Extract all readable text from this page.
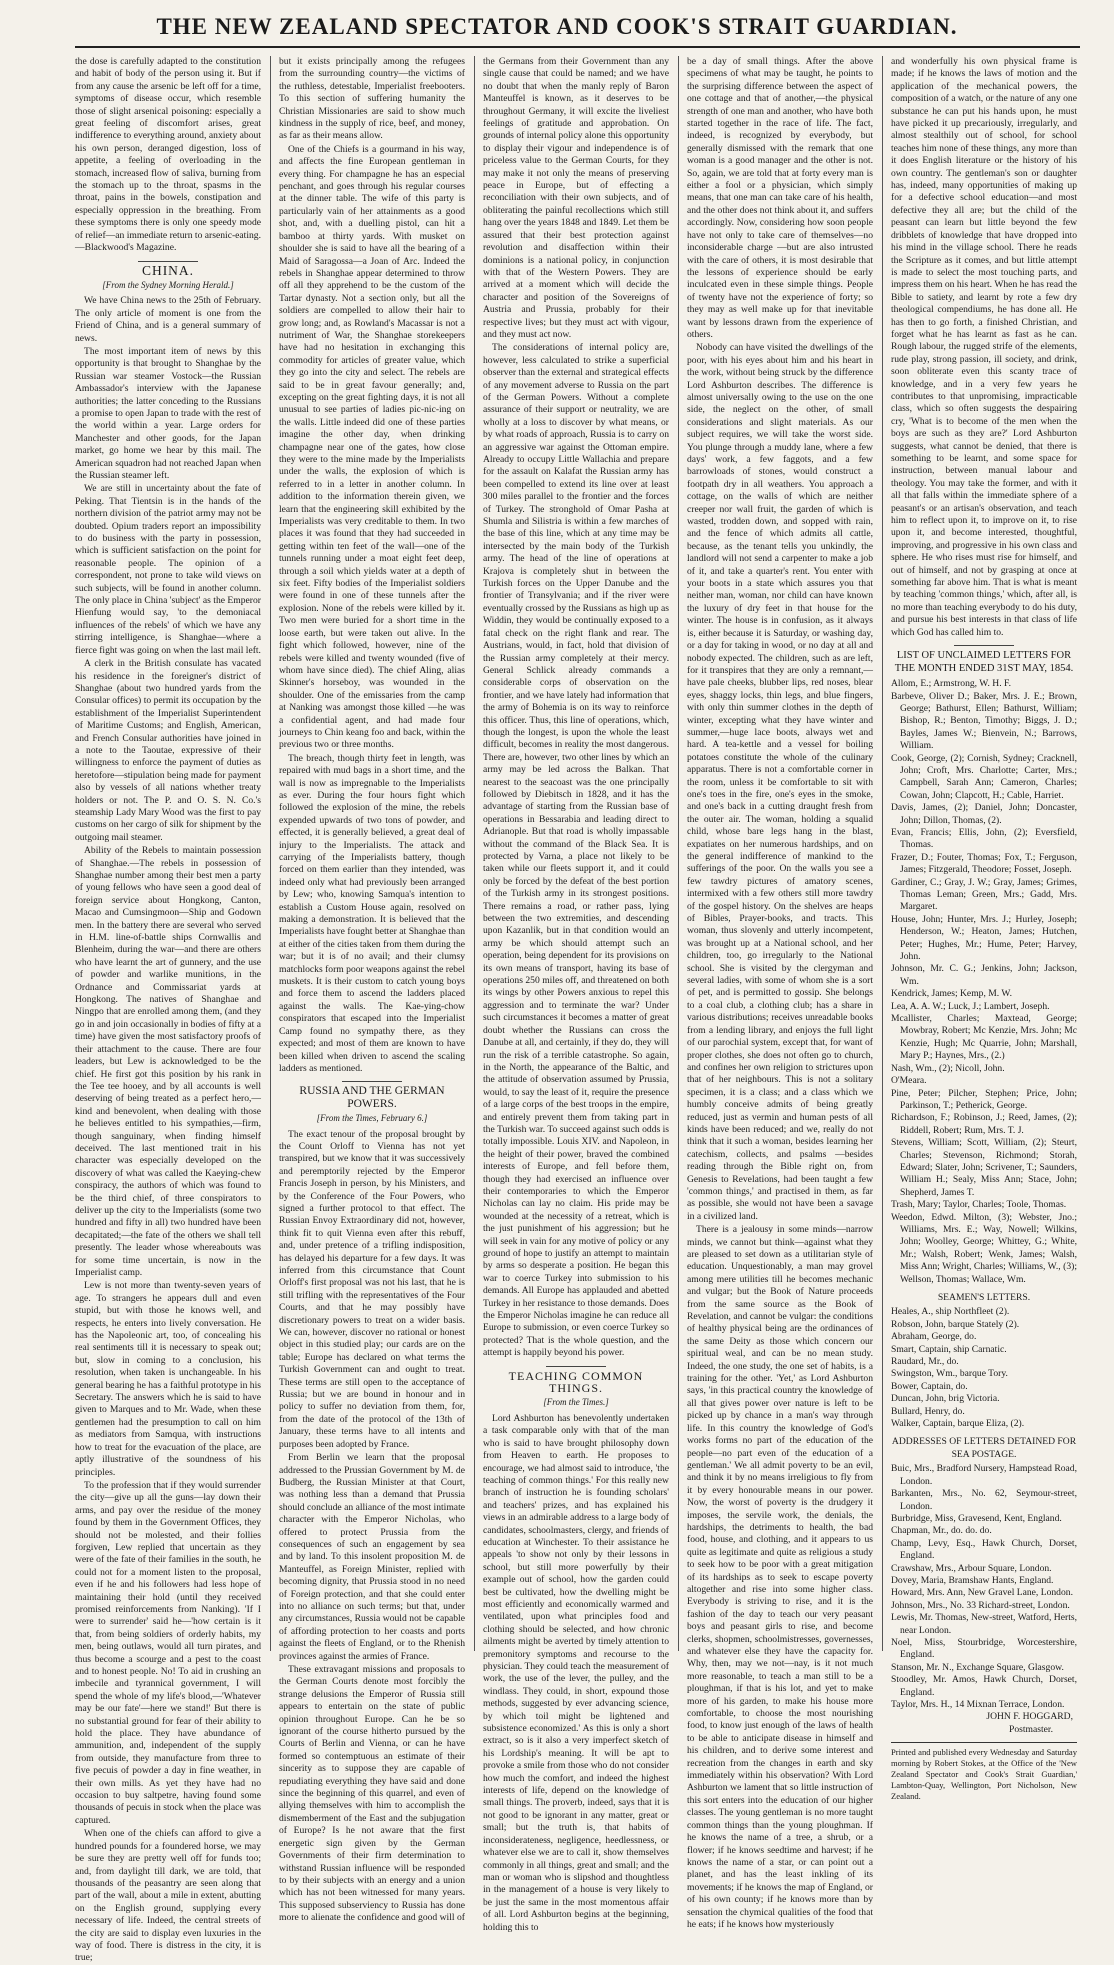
THE NEW ZEALAND SPECTATOR AND COOK'S STRAIT GUARDIAN.

the dose is carefully adapted to the constitution and habit of body of the person using it. But if from any cause the arsenic be left off for a time, symptoms of disease occur, which resemble those of slight arsenical poisoning: especially a great feeling of discomfort arises, great indifference to everything around, anxiety about his own person, deranged digestion, loss of appetite, a feeling of overloading in the stomach, increased flow of saliva, burning from the stomach up to the throat, spasms in the throat, pains in the bowels, constipation and especially oppression in the breathing. From these symptoms there is only one speedy mode of relief—an immediate return to arsenic-eating.—Blackwood's Magazine.

CHINA.
[From the Sydney Morning Herald.]

We have China news to the 25th of February. The only article of moment is one from the Friend of China, and is a general summary of news.

The most important item of news by this opportunity is that brought to Shanghae by the Russian war steamer Vostock—the Russian Ambassador's interview with the Japanese authorities; the latter conceding to the Russians a promise to open Japan to trade with the rest of the world within a year. Large orders for Manchester and other goods, for the Japan market, go home we hear by this mail. The American squadron had not reached Japan when the Russian steamer left.

We are still in uncertainty about the fate of Peking. That Tientsin is in the hands of the northern division of the patriot army may not be doubted. Opium traders report an impossibility to do business with the party in possession, which is sufficient satisfaction on the point for reasonable people. The opinion of a correspondent, not prone to take wild views on such subjects, will be found in another column. The only place in China 'subject' as the Emperor Hienfung would say, 'to the demoniacal influences of the rebels' of which we have any stirring intelligence, is Shanghae—where a fierce fight was going on when the last mail left.

A clerk in the British consulate has vacated his residence in the foreigner's district of Shanghae (about two hundred yards from the Consular offices) to permit its occupation by the establishment of the Imperialist Superintendent of Maritime Customs; and English, American, and French Consular authorities have joined in a note to the Taoutae, expressive of their willingness to enforce the payment of duties as heretofore—stipulation being made for payment also by vessels of all nations whether treaty holders or not. The P. and O. S. N. Co.'s steamship Lady Mary Wood was the first to pay customs on her cargo of silk for shipment by the outgoing mail steamer.

Ability of the Rebels to maintain possession of Shanghae.—The rebels in possession of Shanghae number among their best men a party of young fellows who have seen a good deal of foreign service about Hongkong, Canton, Macao and Cumsingmoon—Ship and Godown men. In the battery there are several who served in H.M. line-of-battle ships Cornwallis and Blenheim, during the war—and there are others who have learnt the art of gunnery, and the use of powder and warlike munitions, in the Ordnance and Commissariat yards at Hongkong. The natives of Shanghae and Ningpo that are enrolled among them, (and they go in and join occasionally in bodies of fifty at a time) have given the most satisfactory proofs of their attachment to the cause. There are four leaders, but Lew is acknowledged to be the chief. He first got this position by his rank in the Tee tee hooey, and by all accounts is well deserving of being treated as a perfect hero,—kind and benevolent, when dealing with those he believes entitled to his sympathies,—firm, though sanguinary, when finding himself deceived. The last mentioned trait in his character was especially developed on the discovery of what was called the Kaeying-chew conspiracy, the authors of which was found to be the third chief, of three conspirators to deliver up the city to the Imperialists (some two hundred and fifty in all) two hundred have been decapitated;—the fate of the others we shall tell presently. The leader whose whereabouts was for some time uncertain, is now in the Imperialist camp.

Lew is not more than twenty-seven years of age. To strangers he appears dull and even stupid, but with those he knows well, and respects, he enters into lively conversation. He has the Napoleonic art, too, of concealing his real sentiments till it is necessary to speak out; but, slow in coming to a conclusion, his resolution, when taken is unchangeable. In his general bearing he has a faithful prototype in his Secretary. The answers which he is said to have given to Marques and to Mr. Wade, when these gentlemen had the presumption to call on him as mediators from Samqua, with instructions how to treat for the evacuation of the place, are aptly illustrative of the soundness of his principles.

To the profession that if they would surrender the city—give up all the guns—lay down their arms, and pay over the residue of the money found by them in the Government Offices, they should not be molested, and their follies forgiven, Lew replied that uncertain as they were of the fate of their families in the south, he could not for a moment listen to the proposal, even if he and his followers had less hope of maintaining their hold (until they received promised reinforcements from Nanking). 'If I were to surrender' said he—'how certain is it that, from being soldiers of orderly habits, my men, being outlaws, would all turn pirates, and thus become a scourge and a pest to the coast and to honest people. No! To aid in crushing an imbecile and tyrannical government, I will spend the whole of my life's blood,—'Whatever may be our fate'—here we stand!' But there is no substantial ground for fear of their ability to hold the place. They have abundance of ammunition, and, independent of the supply from outside, they manufacture from three to five pecuis of powder a day in fine weather, in their own mills. As yet they have had no occasion to buy saltpetre, having found some thousands of pecuis in stock when the place was captured.

When one of the chiefs can afford to give a hundred pounds for a foundered horse, we may be sure they are pretty well off for funds too; and, from daylight till dark, we are told, that thousands of the peasantry are seen along that part of the wall, about a mile in extent, abutting on the English ground, supplying every necessary of life. Indeed, the central streets of the city are said to display even luxuries in the way of food. There is distress in the city, it is true;

but it exists principally among the refugees from the surrounding country—the victims of the ruthless, detestable, Imperialist freebooters. To this section of suffering humanity the Christian Missionaries are said to show much kindness in the supply of rice, beef, and money, as far as their means allow.

One of the Chiefs is a gourmand in his way, and affects the fine European gentleman in every thing. For champagne he has an especial penchant, and goes through his regular courses at the dinner table. The wife of this party is particularly vain of her attainments as a good shot, and, with a duelling pistol, can hit a bamboo at thirty yards. With musket on shoulder she is said to have all the bearing of a Maid of Saragossa—a Joan of Arc. Indeed the rebels in Shanghae appear determined to throw off all they apprehend to be the custom of the Tartar dynasty. Not a section only, but all the soldiers are compelled to allow their hair to grow long; and, as Rowland's Macassar is not a nutriment of War, the Shanghae storekeepers have had no hesitation in exchanging this commodity for articles of greater value, which they go into the city and select. The rebels are said to be in great favour generally; and, excepting on the great fighting days, it is not all unusual to see parties of ladies pic-nic-ing on the walls. Little indeed did one of these parties imagine the other day, when drinking champagne near one of the gates, how close they were to the mine made by the Imperialists under the walls, the explosion of which is referred to in a letter in another column. In addition to the information therein given, we learn that the engineering skill exhibited by the Imperialists was very creditable to them. In two places it was found that they had succeeded in getting within ten feet of the wall—one of the tunnels running under a moat eight feet deep, through a soil which yields water at a depth of six feet. Fifty bodies of the Imperialist soldiers were found in one of these tunnels after the explosion. None of the rebels were killed by it. Two men were buried for a short time in the loose earth, but were taken out alive. In the fight which followed, however, nine of the rebels were killed and twenty wounded (five of whom have since died). The chief Aling, alias Skinner's horseboy, was wounded in the shoulder. One of the emissaries from the camp at Nanking was amongst those killed —he was a confidential agent, and had made four journeys to Chin keang foo and back, within the previous two or three months.

The breach, though thirty feet in length, was repaired with mud bags in a short time, and the wall is now as impregnable to the Imperialists as ever. During the four hours fight which followed the explosion of the mine, the rebels expended upwards of two tons of powder, and effected, it is generally believed, a great deal of injury to the Imperialists. The attack and carrying of the Imperialists battery, though forced on them earlier than they intended, was indeed only what had previously been arranged by Lew; who, knowing Samqua's intention to establish a Custom House again, resolved on making a demonstration. It is believed that the Imperialists have fought better at Shanghae than at either of the cities taken from them during the war; but it is of no avail; and their clumsy matchlocks form poor weapons against the rebel muskets. It is their custom to catch young boys and force them to ascend the ladders placed against the walls. The Kae-ying-chow conspirators that escaped into the Imperialist Camp found no sympathy there, as they expected; and most of them are known to have been killed when driven to ascend the scaling ladders as mentioned.

RUSSIA AND THE GERMAN POWERS.
[From the Times, February 6.]

The exact tenour of the proposal brought by the Count Orloff to Vienna has not yet transpired, but we know that it was successively and peremptorily rejected by the Emperor Francis Joseph in person, by his Ministers, and by the Conference of the Four Powers, who signed a further protocol to that effect. The Russian Envoy Extraordinary did not, however, think fit to quit Vienna even after this rebuff, and, under pretence of a trifling indisposition, has delayed his departure for a few days. It was inferred from this circumstance that Count Orloff's first proposal was not his last, that he is still trifling with the representatives of the Four Courts, and that he may possibly have discretionary powers to treat on a wider basis. We can, however, discover no rational or honest object in this studied play; our cards are on the table; Europe has declared on what terms the Turkish Government can and ought to treat. These terms are still open to the acceptance of Russia; but we are bound in honour and in policy to suffer no deviation from them, for, from the date of the protocol of the 13th of January, these terms have to all intents and purposes been adopted by France.

From Berlin we learn that the proposal addressed to the Prussian Government by M. de Budberg, the Russian Minister at that Court, was nothing less than a demand that Prussia should conclude an alliance of the most intimate character with the Emperor Nicholas, who offered to protect Prussia from the consequences of such an engagement by sea and by land. To this insolent proposition M. de Manteuffel, as Foreign Minister, replied with becoming dignity, that Prussia stood in no need of Foreign protection, and that she could enter into no alliance on such terms; but that, under any circumstances, Russia would not be capable of affording protection to her coasts and ports against the fleets of England, or to the Rhenish provinces against the armies of France.

These extravagant missions and proposals to the German Courts denote most forcibly the strange delusions the Emperor of Russia still appears to entertain on the state of public opinion throughout Europe. Can he be so ignorant of the course hitherto pursued by the Courts of Berlin and Vienna, or can he have formed so contemptuous an estimate of their sincerity as to suppose they are capable of repudiating everything they have said and done since the beginning of this quarrel, and even of allying themselves with him to accomplish the dismemberment of the East and the subjugation of Europe? Is he not aware that the first energetic sign given by the German Governments of their firm determination to withstand Russian influence will be responded to by their subjects with an energy and a union which has not been witnessed for many years. This supposed subserviency to Russia has done more to alienate the confidence and good will of

the Germans from their Government than any single cause that could be named; and we have no doubt that when the manly reply of Baron Manteuffel is known, as it deserves to be throughout Germany, it will excite the liveliest feelings of gratitude and approbation. On grounds of internal policy alone this opportunity to display their vigour and independence is of priceless value to the German Courts, for they may make it not only the means of preserving peace in Europe, but of effecting a reconciliation with their own subjects, and of obliterating the painful recollections which still hang over the years 1848 and 1849. Let them be assured that their best protection against revolution and disaffection within their dominions is a national policy, in conjunction with that of the Western Powers. They are arrived at a moment which will decide the character and position of the Sovereigns of Austria and Prussia, probably for their respective lives; but they must act with vigour, and they must act now.

The considerations of internal policy are, however, less calculated to strike a superficial observer than the external and strategical effects of any movement adverse to Russia on the part of the German Powers. Without a complete assurance of their support or neutrality, we are wholly at a loss to discover by what means, or by what roads of approach, Russia is to carry on an aggressive war against the Ottoman empire. Already to occupy Little Wallachia and prepare for the assault on Kalafat the Russian army has been compelled to extend its line over at least 300 miles parallel to the frontier and the forces of Turkey. The stronghold of Omar Pasha at Shumla and Silistria is within a few marches of the base of this line, which at any time may be intersected by the main body of the Turkish army. The head of the line of operations at Krajova is completely shut in between the Turkish forces on the Upper Danube and the frontier of Transylvania; and if the river were eventually crossed by the Russians as high up as Widdin, they would be continually exposed to a fatal check on the right flank and rear. The Austrians, would, in fact, hold that division of the Russian army completely at their mercy. General Schlick already commands a considerable corps of observation on the frontier, and we have lately had information that the army of Bohemia is on its way to reinforce this officer. Thus, this line of operations, which, though the longest, is upon the whole the least difficult, becomes in reality the most dangerous. There are, however, two other lines by which an army may be led across the Balkan. That nearest to the seacoast was the one principally followed by Diebitsch in 1828, and it has the advantage of starting from the Russian base of operations in Bessarabia and leading direct to Adrianople. But that road is wholly impassable without the command of the Black Sea. It is protected by Varna, a place not likely to be taken while our fleets support it, and it could only be forced by the defeat of the best portion of the Turkish army in its strongest positions. There remains a road, or rather pass, lying between the two extremities, and descending upon Kazanlik, but in that condition would an army be which should attempt such an operation, being dependent for its provisions on its own means of transport, having its base of operations 250 miles off, and threatened on both its wings by other Powers anxious to repel this aggression and to terminate the war? Under such circumstances it becomes a matter of great doubt whether the Russians can cross the Danube at all, and certainly, if they do, they will run the risk of a terrible catastrophe. So again, in the North, the appearance of the Baltic, and the attitude of observation assumed by Prussia, would, to say the least of it, require the presence of a large corps of the best troops in the empire, and entirely prevent them from taking part in the Turkish war. To succeed against such odds is totally impossible. Louis XIV. and Napoleon, in the height of their power, braved the combined interests of Europe, and fell before them, though they had exercised an influence over their contemporaries to which the Emperor Nicholas can lay no claim. His pride may be wounded at the necessity of a retreat, which is the just punishment of his aggression; but he will seek in vain for any motive of policy or any ground of hope to justify an attempt to maintain by arms so desperate a position. He began this war to coerce Turkey into submission to his demands. All Europe has applauded and abetted Turkey in her resistance to those demands. Does the Emperor Nicholas imagine he can reduce all Europe to submission, or even coerce Turkey so protected? That is the whole question, and the attempt is happily beyond his power.

TEACHING COMMON THINGS.
[From the Times.]

Lord Ashburton has benevolently undertaken a task comparable only with that of the man who is said to have brought philosophy down from Heaven to earth. He proposes to encourage, we had almost said to introduce, 'the teaching of common things.' For this really new branch of instruction he is founding scholars' and teachers' prizes, and has explained his views in an admirable address to a large body of candidates, schoolmasters, clergy, and friends of education at Winchester. To their assistance he appeals 'to show not only by their lessons in school, but still more powerfully by their example out of school, how the garden could best be cultivated, how the dwelling might be most efficiently and economically warmed and ventilated, upon what principles food and clothing should be selected, and how chronic ailments might be averted by timely attention to premonitory symptoms and recourse to the physician. They could teach the measurement of work, the use of the lever, the pulley, and the windlass. They could, in short, expound those methods, suggested by ever advancing science, by which toil might be lightened and subsistence economized.' As this is only a short extract, so is it also a very imperfect sketch of his Lordship's meaning. It will be apt to provoke a smile from those who do not consider how much the comfort, and indeed the highest interests of life, depend on the knowledge of small things. The proverb, indeed, says that it is not good to be ignorant in any matter, great or small; but the truth is, that habits of inconsiderateness, negligence, heedlessness, or whatever else we are to call it, show themselves commonly in all things, great and small; and the man or woman who is slipshod and thoughtless in the management of a house is very likely to be just the same in the most momentous affair of all. Lord Ashburton begins at the beginning, holding this to

be a day of small things. After the above specimens of what may be taught, he points to the surprising difference between the aspect of one cottage and that of another,—the physical strength of one man and another, who have both started together in the race of life. The fact, indeed, is recognized by everybody, but generally dismissed with the remark that one woman is a good manager and the other is not. So, again, we are told that at forty every man is either a fool or a physician, which simply means, that one man can take care of his health, and the other does not think about it, and suffers accordingly. Now, considering how soon people have not only to take care of themselves—no inconsiderable charge —but are also intrusted with the care of others, it is most desirable that the lessons of experience should be early inculcated even in these simple things. People of twenty have not the experience of forty; so they may as well make up for that inevitable want by lessons drawn from the experience of others.

Nobody can have visited the dwellings of the poor, with his eyes about him and his heart in the work, without being struck by the difference Lord Ashburton describes. The difference is almost universally owing to the use on the one side, the neglect on the other, of small considerations and slight materials. As our subject requires, we will take the worst side. You plunge through a muddy lane, where a few days' work, a few faggots, and a few barrowloads of stones, would construct a footpath dry in all weathers. You approach a cottage, on the walls of which are neither creeper nor wall fruit, the garden of which is wasted, trodden down, and sopped with rain, and the fence of which admits all cattle, because, as the tenant tells you unkindly, the landlord will not send a carpenter to make a job of it, and take a quarter's rent. You enter with your boots in a state which assures you that neither man, woman, nor child can have known the luxury of dry feet in that house for the winter. The house is in confusion, as it always is, either because it is Saturday, or washing day, or a day for taking in wood, or no day at all and nobody expected. The children, such as are left, for it transpires that they are only a remnant,—have pale cheeks, blubber lips, red noses, blear eyes, shaggy locks, thin legs, and blue fingers, with only thin summer clothes in the depth of winter, excepting what they have winter and summer,—huge lace boots, always wet and hard. A tea-kettle and a vessel for boiling potatoes constitute the whole of the culinary apparatus. There is not a comfortable corner in the room, unless it be comfortable to sit with one's toes in the fire, one's eyes in the smoke, and one's back in a cutting draught fresh from the outer air. The woman, holding a squalid child, whose bare legs hang in the blast, expatiates on her numerous hardships, and on the general indifference of mankind to the sufferings of the poor. On the walls you see a few tawdry pictures of amatory scenes, intermixed with a few others still more tawdry of the gospel history. On the shelves are heaps of Bibles, Prayer-books, and tracts. This woman, thus slovenly and utterly incompetent, was brought up at a National school, and her children, too, go irregularly to the National school. She is visited by the clergyman and several ladies, with some of whom she is a sort of pet, and is permitted to gossip. She belongs to a coal club, a clothing club; has a share in various distributions; receives unreadable books from a lending library, and enjoys the full light of our parochial system, except that, for want of proper clothes, she does not often go to church, and confines her own religion to strictures upon that of her neighbours. This is not a solitary specimen, it is a class; and a class which we humbly conceive admits of being greatly reduced, just as vermin and human pests of all kinds have been reduced; and we, really do not think that it such a woman, besides learning her catechism, collects, and psalms —besides reading through the Bible right on, from Genesis to Revelations, had been taught a few 'common things,' and practised in them, as far as possible, she would not have been a savage in a civilized land.

There is a jealousy in some minds—narrow minds, we cannot but think—against what they are pleased to set down as a utilitarian style of education. Unquestionably, a man may grovel among mere utilities till he becomes mechanic and vulgar; but the Book of Nature proceeds from the same source as the Book of Revelation, and cannot be vulgar: the conditions of healthy physical being are the ordinances of the same Deity as those which concern our spiritual weal, and can be no mean study. Indeed, the one study, the one set of habits, is a training for the other. 'Yet,' as Lord Ashburton says, 'in this practical country the knowledge of all that gives power over nature is left to be picked up by chance in a man's way through life. In this country the knowledge of God's works forms no part of the education of the people—no part even of the education of a gentleman.' We all admit poverty to be an evil, and think it by no means irreligious to fly from it by every honourable means in our power. Now, the worst of poverty is the drudgery it imposes, the servile work, the denials, the hardships, the detriments to health, the bad food, house, and clothing, and it appears to us quite as legitimate and quite as religious a study to seek how to be poor with a great mitigation of its hardships as to seek to escape poverty altogether and rise into some higher class. Everybody is striving to rise, and it is the fashion of the day to teach our very peasant boys and peasant girls to rise, and become clerks, shopmen, schoolmistresses, governesses, and whatever else they have the capacity for. Why, then, may we not—nay, is it not much more reasonable, to teach a man still to be a ploughman, if that is his lot, and yet to make more of his garden, to make his house more comfortable, to choose the most nourishing food, to know just enough of the laws of health to be able to anticipate disease in himself and his children, and to derive some interest and recreation from the changes in earth and sky immediately within his observation? With Lord Ashburton we lament that so little instruction of this sort enters into the education of our higher classes. The young gentleman is no more taught common things than the young ploughman. If he knows the name of a tree, a shrub, or a flower; if he knows seedtime and harvest; if he knows the name of a star, or can point out a planet, and has the least inkling of its movements; if he knows the map of England, or of his own county; if he knows more than by sensation the chymical qualities of the food that he eats; if he knows how mysteriously

and wonderfully his own physical frame is made; if he knows the laws of motion and the application of the mechanical powers, the composition of a watch, or the nature of any one substance he can put his hands upon, he must have picked it up precariously, irregularly, and almost stealthily out of school, for school teaches him none of these things, any more than it does English literature or the history of his own country. The gentleman's son or daughter has, indeed, many opportunities of making up for a defective school education—and most defective they all are; but the child of the peasant can learn but little beyond the few dribblets of knowledge that have dropped into his mind in the village school. There he reads the Scripture as it comes, and but little attempt is made to select the most touching parts, and impress them on his heart. When he has read the Bible to satiety, and learnt by rote a few dry theological compendiums, he has done all. He has then to go forth, a finished Christian, and forget what he has learnt as fast as he can. Rough labour, the rugged strife of the elements, rude play, strong passion, ill society, and drink, soon obliterate even this scanty trace of knowledge, and in a very few years he contributes to that unpromising, impracticable class, which so often suggests the despairing cry, 'What is to become of the men when the boys are such as they are?' Lord Ashburton suggests, what cannot be denied, that there is something to be learnt, and some space for instruction, between manual labour and theology. You may take the former, and with it all that falls within the immediate sphere of a peasant's or an artisan's observation, and teach him to reflect upon it, to improve on it, to rise upon it, and become interested, thoughtful, improving, and progressive in his own class and sphere. He who rises must rise for himself, and out of himself, and not by grasping at once at something far above him. That is what is meant by teaching 'common things,' which, after all, is no more than teaching everybody to do his duty, and pursue his best interests in that class of life which God has called him to.

LIST OF UNCLAIMED LETTERS FOR THE MONTH ENDED 31ST MAY, 1854.

Allom, E.; Armstrong, W. H. F.

Barbeve, Oliver D.; Baker, Mrs. J. E.; Brown, George; Bathurst, Ellen; Bathurst, William; Bishop, R.; Benton, Timothy; Biggs, J. D.; Bayles, James W.; Bienvein, N.; Barrows, William.

Cook, George, (2); Cornish, Sydney; Cracknell, John; Croft, Mrs. Charlotte; Carter, Mrs.; Campbell, Sarah Ann; Cameron, Charles; Cowan, John; Clapcott, H.; Cable, Harriet.

Davis, James, (2); Daniel, John; Doncaster, John; Dillon, Thomas, (2).

Evan, Francis; Ellis, John, (2); Eversfield, Thomas.

Frazer, D.; Fouter, Thomas; Fox, T.; Ferguson, James; Fitzgerald, Theodore; Fosset, Joseph.

Gardiner, C.; Gray, J. W.; Gray, James; Grimes, Thomas Leman; Green, Mrs.; Gadd, Mrs. Margaret.

House, John; Hunter, Mrs. J.; Hurley, Joseph; Henderson, W.; Heaton, James; Hutchen, Peter; Hughes, Mr.; Hume, Peter; Harvey, John.

Johnson, Mr. C. G.; Jenkins, John; Jackson, Wm.

Kendrick, James; Kemp, M. W.

Lea, A. A. W.; Luck, J.; Lambert, Joseph.

Mcallister, Charles; Maxtead, George; Mowbray, Robert; Mc Kenzie, Mrs. John; Mc Kenzie, Hugh; Mc Quarrie, John; Marshall, Mary P.; Haynes, Mrs., (2.)

Nash, Wm., (2); Nicoll, John.

O'Meara.

Pine, Peter; Pilcher, Stephen; Price, John; Parkinson, T.; Petherick, George.

Richardson, F.; Robinson, J.; Reed, James, (2); Riddell, Robert; Rum, Mrs. T. J.

Stevens, William; Scott, William, (2); Steurt, Charles; Stevenson, Richmond; Storah, Edward; Slater, John; Scrivener, T.; Saunders, William H.; Sealy, Miss Ann; Stace, John; Shepherd, James T.

Trash, Mary; Taylor, Charles; Toole, Thomas.

Weedon, Edwd. Milton, (3); Webster, Jno.; Williams, Mrs. E.; Way, Nowell; Wilkins, John; Woolley, George; Whittey, G.; White, Mr.; Walsh, Robert; Wenk, James; Walsh, Miss Ann; Wright, Charles; Williams, W., (3); Wellson, Thomas; Wallace, Wm.

SEAMEN'S LETTERS.

Heales, A., ship Northfleet (2).

Robson, John, barque Stately (2).

Abraham, George, do.

Smart, Captain, ship Carnatic.

Raudard, Mr., do.

Swingston, Wm., barque Tory.

Bower, Captain, do.

Duncan, John, brig Victoria.

Bullard, Henry, do.

Walker, Captain, barque Eliza, (2).

ADDRESSES OF LETTERS DETAINED FOR SEA POSTAGE.

Buic, Mrs., Bradford Nursery, Hampstead Road, London.

Barkanten, Mrs., No. 62, Seymour-street, London.

Burbridge, Miss, Gravesend, Kent, England.

Chapman, Mr., do. do. do.

Champ, Levy, Esq., Hawk Church, Dorset, England.

Crawshaw, Mrs., Arbour Square, London.

Dovey, Maria, Bramshaw Hants, England.

Howard, Mrs. Ann, New Gravel Lane, London.

Johnson, Mrs., No. 33 Richard-street, London.

Lewis, Mr. Thomas, New-street, Watford, Herts, near London.

Noel, Miss, Stourbridge, Worcestershire, England.

Stanson, Mr. N., Exchange Square, Glasgow.

Stoodley, Mr. Amos, Hawk Church, Dorset, England.

Taylor, Mrs. H., 14 Mixnan Terrace, London.

JOHN F. HOGGARD,
Postmaster.

Printed and published every Wednesday and Saturday morning by Robert Stokes, at the Office of the 'New Zealand Spectator and Cook's Strait Guardian,' Lambton-Quay, Wellington, Port Nicholson, New Zealand.
